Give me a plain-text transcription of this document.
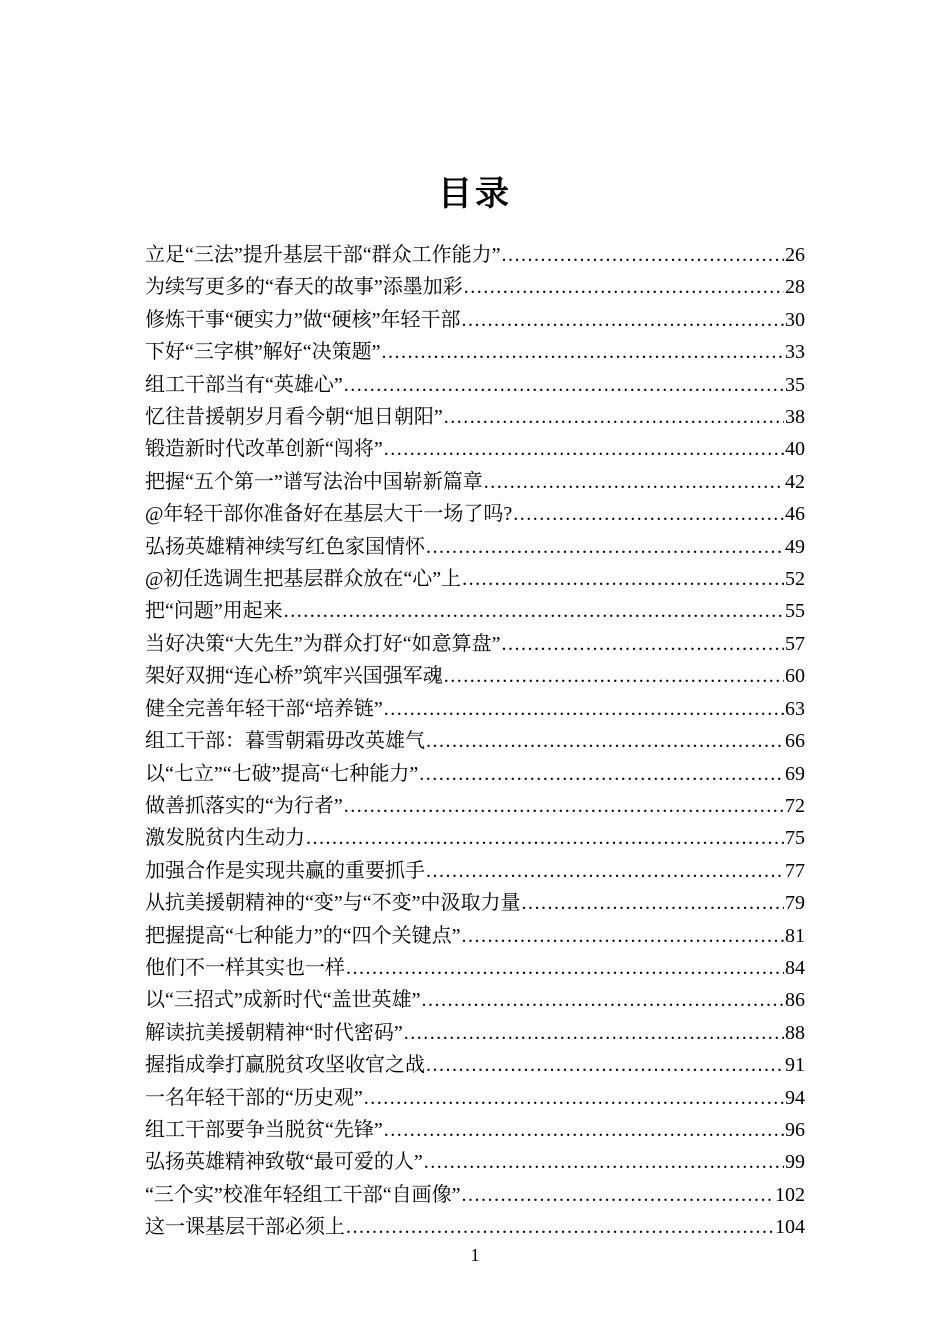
目录
立足“三法”提升基层干部“群众工作能力” .....	26
为续写更多的“春天的故事”添墨加彩 .....	28
修炼干事“硬实力”做“硬核”年轻干部 .....	30
下好“三字棋”解好“决策题” .....	33
组工干部当有“英雄心” .....	35
忆往昔援朝岁月看今朝“旭日朝阳” .....	38
锻造新时代改革创新“闯将” .....	40
把握“五个第一”谱写法治中国崭新篇章 .....	42
@年轻干部你准备好在基层大干一场了吗? .....	46
弘扬英雄精神续写红色家国情怀 .....	49
@初任选调生把基层群众放在“心”上 .....	52
把“问题”用起来 .....	55
当好决策“大先生”为群众打好“如意算盘” .....	57
架好双拥“连心桥”筑牢兴国强军魂 .....	60
健全完善年轻干部“培养链” .....	63
组工干部：暮雪朝霜毋改英雄气 .....	66
以“七立”“七破”提高“七种能力” .....	69
做善抓落实的“为行者” .....	72
激发脱贫内生动力 .....	75
加强合作是实现共赢的重要抓手 .....	77
从抗美援朝精神的“变”与“不变”中汲取力量 .....	79
把握提高“七种能力”的“四个关键点” .....	81
他们不一样其实也一样 .....	84
以“三招式”成新时代“盖世英雄” .....	86
解读抗美援朝精神“时代密码” .....	88
握指成拳打赢脱贫攻坚收官之战 .....	91
一名年轻干部的“历史观” .....	94
组工干部要争当脱贫“先锋” .....	96
弘扬英雄精神致敬“最可爱的人” .....	99
“三个实”校准年轻组工干部“自画像” .....	102
这一课基层干部必须上 .....	104
1
